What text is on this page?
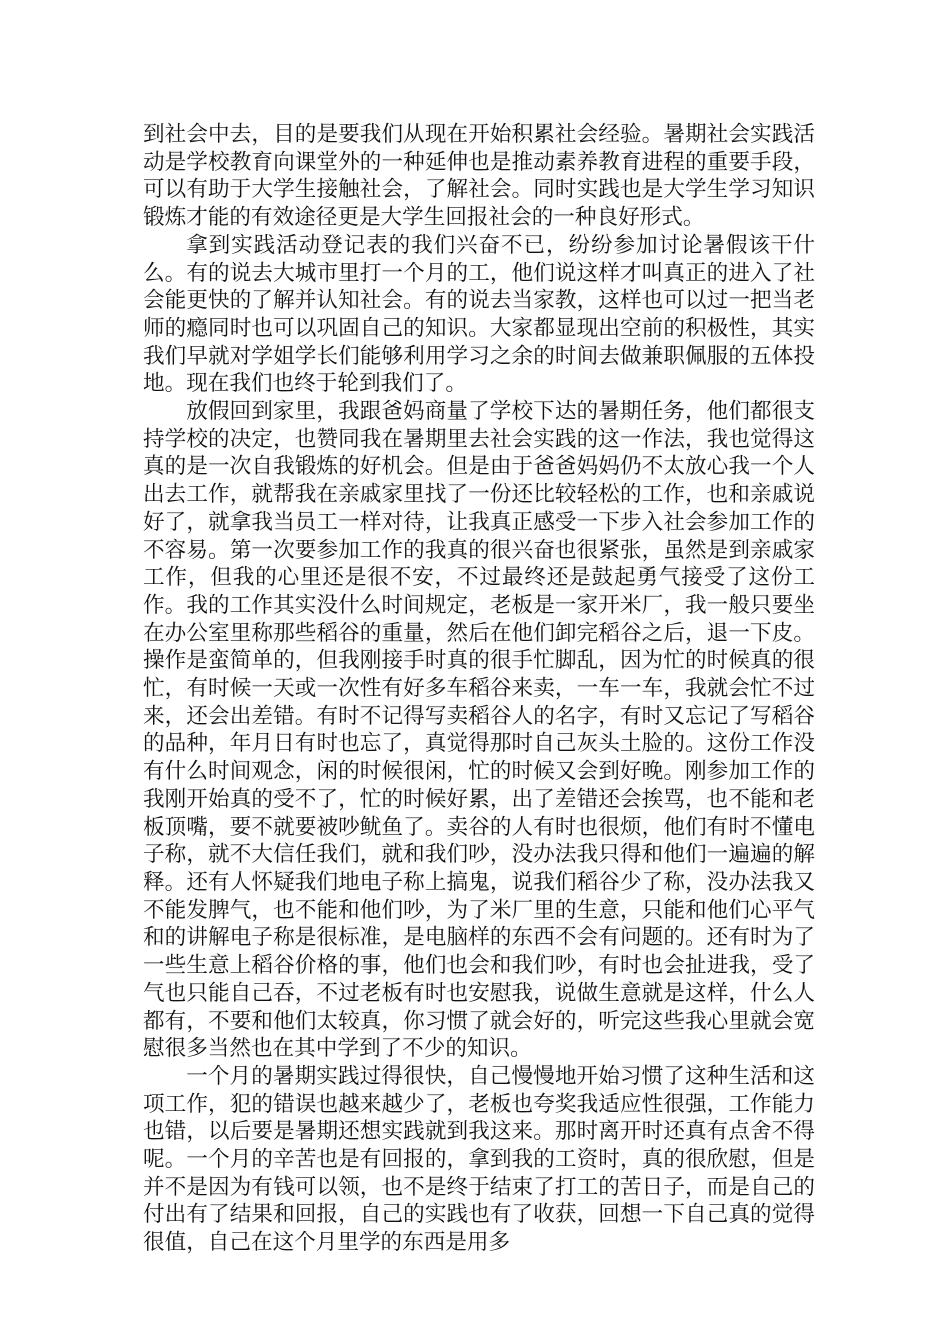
到社会中去，目的是要我们从现在开始积累社会经验。暑期社会实践活动是学校教育向课堂外的一种延伸也是推动素养教育进程的重要手段，可以有助于大学生接触社会，了解社会。同时实践也是大学生学习知识锻炼才能的有效途径更是大学生回报社会的一种良好形式。

拿到实践活动登记表的我们兴奋不已，纷纷参加讨论暑假该干什么。有的说去大城市里打一个月的工，他们说这样才叫真正的进入了社会能更快的了解并认知社会。有的说去当家教，这样也可以过一把当老师的瘾同时也可以巩固自己的知识。大家都显现出空前的积极性，其实我们早就对学姐学长们能够利用学习之余的时间去做兼职佩服的五体投地。现在我们也终于轮到我们了。

放假回到家里，我跟爸妈商量了学校下达的暑期任务，他们都很支持学校的决定，也赞同我在暑期里去社会实践的这一作法，我也觉得这真的是一次自我锻炼的好机会。但是由于爸爸妈妈仍不太放心我一个人出去工作，就帮我在亲戚家里找了一份还比较轻松的工作，也和亲戚说好了，就拿我当员工一样对待，让我真正感受一下步入社会参加工作的不容易。第一次要参加工作的我真的很兴奋也很紧张，虽然是到亲戚家工作，但我的心里还是很不安，不过最终还是鼓起勇气接受了这份工作。我的工作其实没什么时间规定，老板是一家开米厂，我一般只要坐在办公室里称那些稻谷的重量，然后在他们卸完稻谷之后，退一下皮。操作是蛮简单的，但我刚接手时真的很手忙脚乱，因为忙的时候真的很忙，有时候一天或一次性有好多车稻谷来卖，一车一车，我就会忙不过来，还会出差错。有时不记得写卖稻谷人的名字，有时又忘记了写稻谷的品种，年月日有时也忘了，真觉得那时自己灰头土脸的。这份工作没有什么时间观念，闲的时候很闲，忙的时候又会到好晚。刚参加工作的我刚开始真的受不了，忙的时候好累，出了差错还会挨骂，也不能和老板顶嘴，要不就要被吵鱿鱼了。卖谷的人有时也很烦，他们有时不懂电子称，就不大信任我们，就和我们吵，没办法我只得和他们一遍遍的解释。还有人怀疑我们地电子称上搞鬼，说我们稻谷少了称，没办法我又不能发脾气，也不能和他们吵，为了米厂里的生意，只能和他们心平气和的讲解电子称是很标准，是电脑样的东西不会有问题的。还有时为了一些生意上稻谷价格的事，他们也会和我们吵，有时也会扯进我，受了气也只能自己吞，不过老板有时也安慰我，说做生意就是这样，什么人都有，不要和他们太较真，你习惯了就会好的，听完这些我心里就会宽慰很多当然也在其中学到了不少的知识。

一个月的暑期实践过得很快，自己慢慢地开始习惯了这种生活和这项工作，犯的错误也越来越少了，老板也夸奖我适应性很强，工作能力也错，以后要是暑期还想实践就到我这来。那时离开时还真有点舍不得呢。一个月的辛苦也是有回报的，拿到我的工资时，真的很欣慰，但是并不是因为有钱可以领，也不是终于结束了打工的苦日子，而是自己的付出有了结果和回报，自己的实践也有了收获，回想一下自己真的觉得很值，自己在这个月里学的东西是用多
